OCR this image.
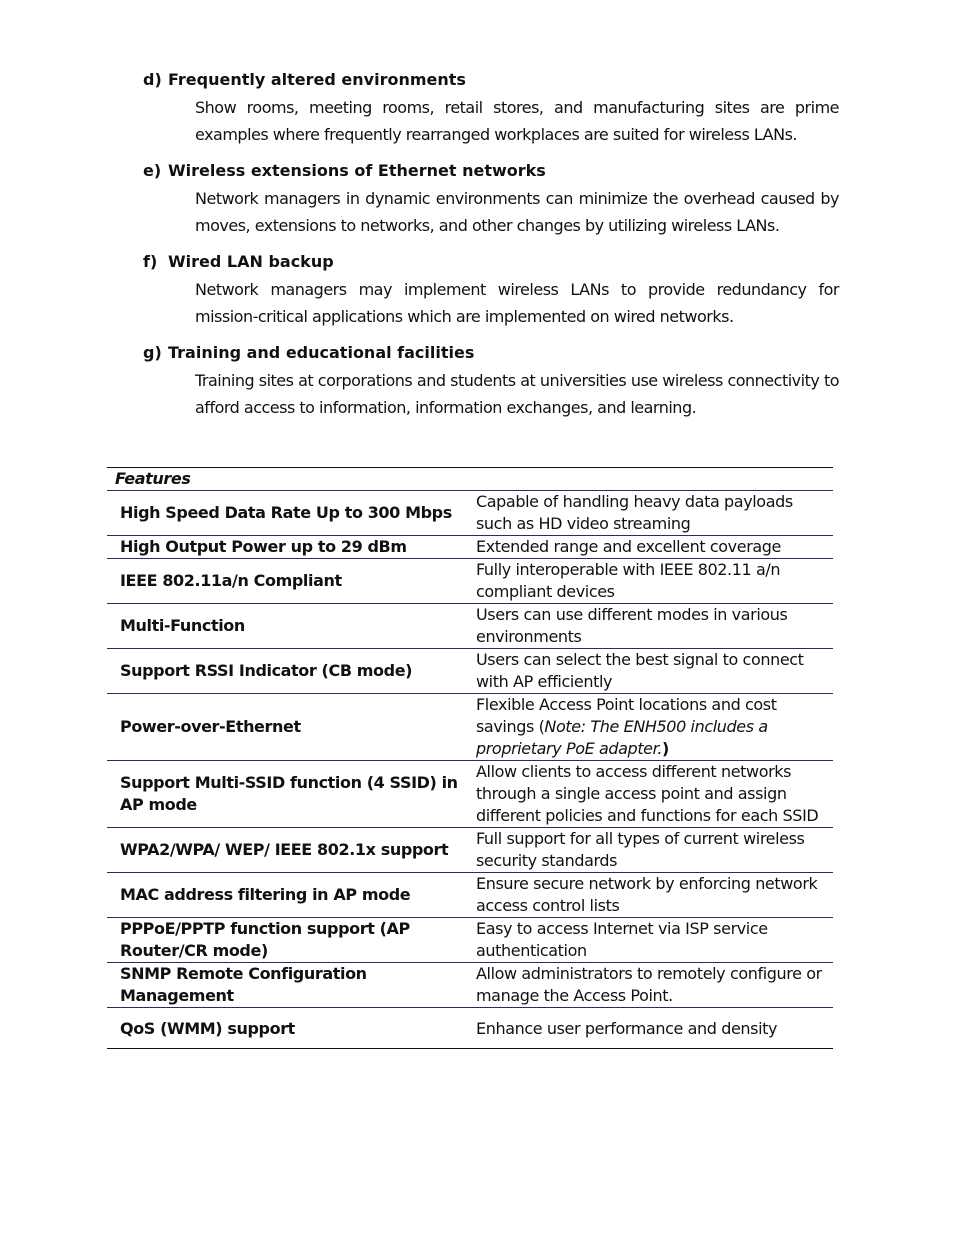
d) Frequently altered environments
Show rooms, meeting rooms, retail stores, and manufacturing sites are prime examples where frequently rearranged workplaces are suited for wireless LANs.
e) Wireless extensions of Ethernet networks
Network managers in dynamic environments can minimize the overhead caused by moves, extensions to networks, and other changes by utilizing wireless LANs.
f) Wired LAN backup
Network managers may implement wireless LANs to provide redundancy for mission-critical applications which are implemented on wired networks.
g) Training and educational facilities
Training sites at corporations and students at universities use wireless connectivity to afford access to information, information exchanges, and learning.
Features	
High Speed Data Rate Up to 300 Mbps	Capable of handling heavy data payloads such as HD video streaming
High Output Power up to 29 dBm	Extended range and excellent coverage
IEEE 802.11a/n Compliant	Fully interoperable with IEEE 802.11 a/n compliant devices
Multi-Function	Users can use different modes in various environments
Support RSSI Indicator (CB mode)	Users can select the best signal to connect with AP efficiently
Power-over-Ethernet	Flexible Access Point locations and cost savings (Note: The ENH500 includes a proprietary PoE adapter.)
Support Multi-SSID function (4 SSID) in AP mode	Allow clients to access different networks through a single access point and assign different policies and functions for each SSID
WPA2/WPA/ WEP/ IEEE 802.1x support	Full support for all types of current wireless security standards
MAC address filtering in AP mode	Ensure secure network by enforcing network access control lists
PPPoE/PPTP function support (AP Router/CR mode)	Easy to access Internet via ISP service authentication
SNMP Remote Configuration Management	Allow administrators to remotely configure or manage the Access Point.
QoS (WMM) support	Enhance user performance and density
